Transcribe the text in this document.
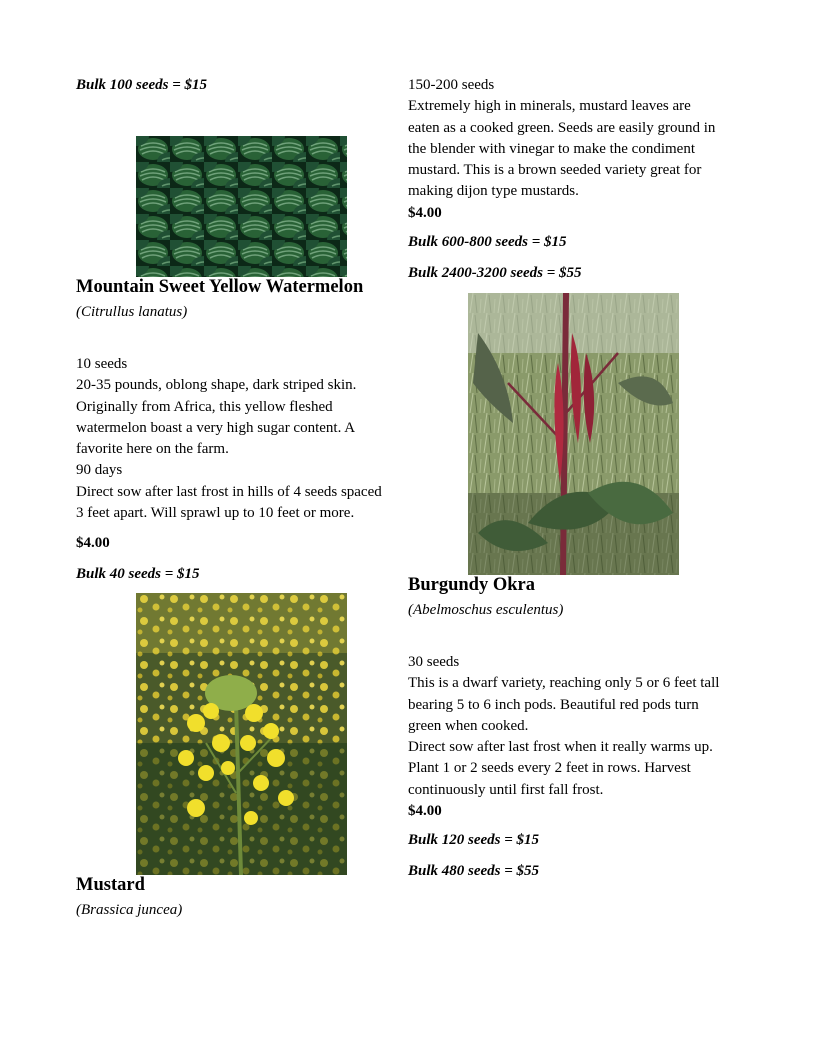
Bulk 100 seeds = $15
Mountain Sweet Yellow Watermelon
(Citrullus lanatus)
10 seeds
20-35 pounds, oblong shape, dark striped skin.
Originally from Africa, this yellow fleshed
watermelon boast a very high sugar content. A
favorite here on the farm.
90 days
Direct sow after last frost in hills of 4 seeds spaced
3 feet apart. Will sprawl up to 10 feet or more.
$4.00
Bulk 40 seeds = $15
Mustard
(Brassica juncea)
150-200 seeds
Extremely high in minerals, mustard leaves are
eaten as a cooked green. Seeds are easily ground in
the blender with vinegar to make the condiment
mustard. This is a brown seeded variety great for
making dijon type mustards.
$4.00
Bulk 600-800 seeds = $15
Bulk 2400-3200 seeds = $55
Burgundy Okra
(Abelmoschus esculentus)
30 seeds
This is a dwarf variety, reaching only 5 or 6 feet tall
bearing 5 to 6 inch pods. Beautiful red pods turn
green when cooked.
Direct sow after last frost when it really warms up.
Plant 1 or 2 seeds every 2 feet in rows. Harvest
continuously until first fall frost.
$4.00
Bulk 120 seeds = $15
Bulk 480 seeds = $55
